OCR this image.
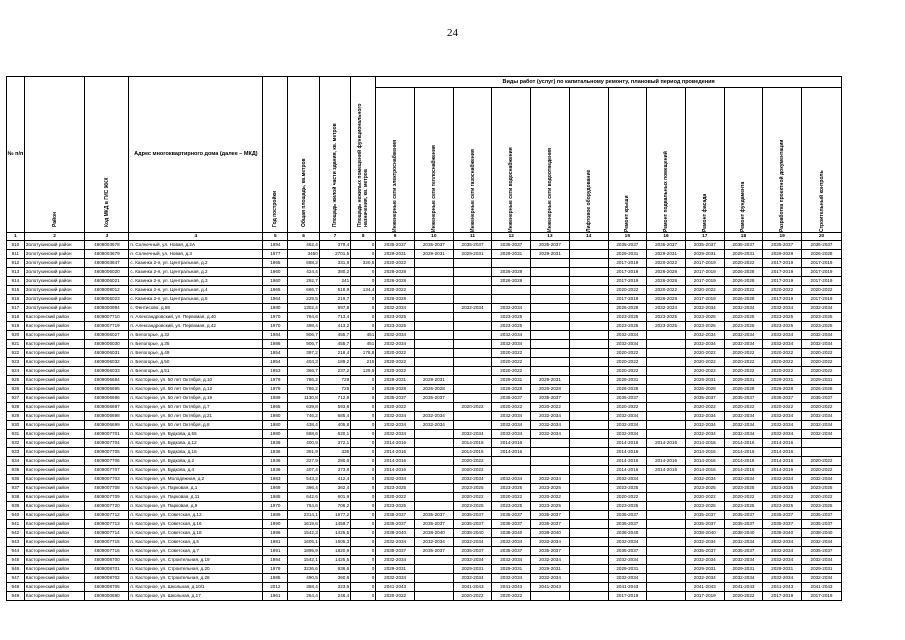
24
№ п/п	Район	Код МКД в ГИС ЖКХ	Адрес многоквартирного дома (далее – МКД)	Год постройки	Общая площадь, кв.метров	Площадь жилой части здания, кв. метров	Площадь нежилых помещений функционального назначения, кв. метров	Виды работ (услуг) по капитальному ремонту, плановый период проведения											

								Инженерные сети электроснабжения	Инженерные сети теплоснабжения	Инженерные сети газоснабжения	Инженерные сети водоснабжения	Инженерные сети водоотведения	Лифтовое оборудование	Ремонт крыши	Ремонт подвальных помещений	Ремонт фасада	Ремонт фундамента	Разработка проектной документации	Строительный контроль

1	2	3	4	5	6	7	8	9	10	11	12	13	14	15	16	17	18	19	20
910	Золотухинский район	4608003678	п. Солнечный, ул. Новая, д.2А	1994	462,4	379,4	0	2035-2037	2035-2037	2035-2037	2035-2037	2035-2037		2035-2037	2035-2037	2035-2037	2035-2037	2035-2037	2035-2037
911	Золотухинский район	4608003679	п. Солнечный, ул. Новая, д.3	1977	3450	2701,5	0	2029-2031	2029-2031	2029-2031	2029-2031	2029-2031		2029-2031	2029-2031	2029-2031	2029-2031	2026-2028	2026-2028
912	Золотухинский район	4608003647	с. Казинка 2-я, ул. Центральная, д.2	1965	688,2	331,9	320,5	2020-2022						2017-2019	2020-2022	2017-2019	2020-2022	2017-2019	2017-2019
913	Золотухинский район	4608006020	с. Казинка 2-я, ул. Центральная, д.2	1960	424,4	380,2	0	2026-2028			2026-2028			2017-2019	2026-2028	2017-2019	2026-2028	2017-2019	2017-2019
914	Золотухинский район	4608006021	с. Казинка 2-я, ул. Центральная, д.3	1960	292,7	241	0	2026-2028			2026-2028			2017-2019	2026-2028	2017-2019	2026-2028	2017-2019	2017-2019
915	Золотухинский район	4608008012	с. Казинка 2-я, ул. Центральная, д.4	1965	666,7	518,9	134,4	2020-2022						2020-2022	2020-2022	2020-2022	2020-2022	2020-2022	2020-2022
916	Золотухинский район	4608006023	с. Казинка 2-я, ул. Центральная, д.5	1964	229,5	219,7	0	2026-2028						2017-2019	2026-2028	2017-2019	2026-2028	2017-2019	2017-2019
917	Золотухинский район	4608000994	с. Фентисово, д.58	1980	1302,4	697,8	0	2032-2034		2032-2034	2032-2034			2026-2028	2032-2034	2032-2034	2032-2034	2032-2034	2032-2034
918	Касторенский район	4609007710	п. Александровский, ул. Первомая, д.40	1970	794,6	713,4	0	2023-2025			2023-2025			2023-2025	2023-2025	2023-2025	2023-2025	2023-2025	2023-2025
919	Касторенский район	4609007719	п. Александровский, ул. Первомая, д.42	1970	498,4	413,2	0	2023-2025			2023-2025			2023-2025	2023-2025	2023-2025	2023-2025	2023-2025	2023-2025
920	Касторенский район	4609006027	п. Белогорье, д.32	1984	906,7	455,7	451	2032-2034			2032-2034			2032-2034		2032-2034	2032-2034	2032-2034	2032-2034
921	Касторенский район	4609006030	п. Белогорье, д.35	1986	906,7	455,7	451	2032-2034			2032-2034			2032-2034		2032-2034	2032-2034	2032-2034	2032-2034
922	Касторенский район	4609006031	п. Белогорье, д.49	1954	397,2	218,4	178,8	2020-2022			2020-2022			2020-2022		2020-2022	2020-2022	2020-2022	2020-2022
923	Касторенский район	4609006032	п. Белогорье, д.50	1954	404,3	189,2	215	2020-2022			2020-2022			2020-2022		2020-2022	2020-2022	2020-2022	2020-2022
924	Касторенский район	4609006033	п. Белогорье, д.51	1953	366,7	237,2	129,5	2020-2022			2020-2022			2020-2022		2020-2022	2020-2022	2020-2022	2020-2022
925	Касторенский район	4609006694	п. Касторное, ул. 50 лет Октября, д.10	1979	786,2	729	0	2029-2031	2029-2031		2029-2031	2029-2031		2029-2031		2029-2031	2029-2031	2029-2031	2029-2031
926	Касторенский район	4609006695	п. Касторное, ул. 50 лет Октября, д.12	1979	786,2	729	0	2026-2028	2026-2028		2026-2028	2026-2028		2026-2028		2026-2028	2026-2028	2026-2028	2026-2028
927	Касторенский район	4609006696	п. Касторное, ул. 50 лет Октября, д.19	1989	1130,8	712,9	0	2035-2037	2035-2037		2035-2037	2035-2037		2035-2037		2035-2037	2035-2037	2035-2037	2035-2037
928	Касторенский район	4609006697	п. Касторное, ул. 50 лет Октября, д.7	1965	639,8	593,8	0	2020-2022		2020-2022	2020-2022	2020-2022		2020-2022		2020-2022	2020-2022	2020-2022	2020-2022
929	Касторенский район	4609006698	п. Касторное, ул. 50 лет Октября, д.21	1980	746,2	685,4	0	2032-2034	2032-2034		2032-2034	2032-2034		2032-2034		2032-2034	2032-2034	2032-2034	2032-2034
930	Касторенский район	4609006699	п. Касторное, ул. 50 лет Октября, д.8	1980	438,4	405,8	0	2032-2034	2032-2034		2032-2034	2032-2034		2032-2034		2032-2034	2032-2034	2032-2034	2032-2034
931	Касторенский район	4609007701	п. Касторное, ул. Будкова, д.55	1980	668,6	620,1	0	2032-2034		2032-2034	2032-2034	2032-2034		2032-2034		2032-2034	2032-2034	2032-2034	2032-2034
932	Касторенский район	4609007704	п. Касторное, ул. Будкова, д.12	1936	400,9	372,1	0	2014-2016		2014-2016	2014-2016			2014-2016	2014-2016	2014-2016	2014-2016	2014-2016	
933	Касторенский район	4609007705	п. Касторное, ул. Будкова, д.16	1936	391,9	336	0	2014-2016		2014-2016	2014-2016			2014-2016		2014-2016	2014-2016	2014-2016	
934	Касторенский район	4609007706	п. Касторное, ул. Будкова, д.2	1936	327,9	280,6	0	2014-2016		2020-2022				2014-2016	2014-2016	2014-2016	2014-2016	2014-2016	2020-2022
935	Касторенский район	4609007707	п. Касторное, ул. Будкова, д.4	1936	407,4	373,8	0	2014-2016		2020-2022				2014-2016	2014-2016	2014-2016	2014-2016	2014-2016	2020-2022
936	Касторенский район	4609007703	п. Касторное, ул. Молодежная, д.2	1983	543,2	412,4	0	2032-2034		2032-2034	2032-2034	2032-2034		2032-2034		2032-2034	2032-2034	2032-2034	2032-2034
937	Касторенский район	4609007708	п. Касторное, ул. Парковая, д.1	1969	396,4	362,4	0	2023-2025		2023-2025	2023-2025	2023-2025		2023-2025		2023-2025	2023-2025	2023-2025	2023-2025
938	Касторенский район	4609007709	п. Касторное, ул. Парковая, д.11	1985	642,6	601,9	0	2020-2022		2020-2022	2020-2022	2020-2022		2020-2022		2020-2022	2020-2022	2020-2022	2020-2022
939	Касторенский район	4609007720	п. Касторное, ул. Парковая, д.9	1970	764,6	706,2	0	2023-2025		2023-2025	2023-2025	2023-2025		2023-2025		2023-2025	2023-2025	2023-2025	2023-2025
940	Касторенский район	4609007712	п. Касторное, ул. Советская, д.12	1989	2314,1	1677,2	0	2035-2037	2035-2037	2035-2037	2035-2037	2035-2037		2035-2037		2035-2037	2035-2037	2035-2037	2035-2037
941	Касторенский район	4609007713	п. Касторное, ул. Советская, д.16	1990	1619,6	1459,7	0	2035-2037	2035-2037	2035-2037	2035-2037	2035-2037		2035-2037		2035-2037	2035-2037	2035-2037	2035-2037
942	Касторенский район	4609007714	п. Касторное, ул. Советская, д.18	1996	1542,3	1425,5	0	2038-2040	2038-2040	2038-2040	2038-2040	2038-2040		2038-2040		2038-2040	2038-2040	2038-2040	2038-2040
943	Касторенский район	4609007715	п. Касторное, ул. Советская, д.5	1981	1605,1	1505,3	0	2032-2034	2032-2034	2032-2034	2032-2034	2032-2034		2032-2034		2032-2034	2032-2034	2032-2034	2032-2034
944	Касторенский район	4609007716	п. Касторное, ул. Советская, д.7	1991	1895,9	1820,9	0	2035-2037	2035-2037	2035-2037	2035-2037	2035-2037		2035-2037		2035-2037	2035-2037	2032-2034	2035-2037
945	Касторенский район	4609008700	п. Касторное, ул. Строительная, д.19	1984	1542,1	1425,5	0	2032-2034		2032-2034	2032-2034	2032-2034		2032-2034		2032-2034	2032-2034	2032-2034	2032-2034
946	Касторенский район	4609008701	п. Касторное, ул. Строительная, д.20	1979	3236,6	936,6	0	2029-2031		2029-2031	2029-2031	2029-2031		2029-2031		2029-2031	2029-2031	2029-2031	2029-2031
947	Касторенский район	4609008702	п. Касторное, ул. Строительная, д.28	1985	490,5	360,8	0	2032-2034		2032-2034	2032-2034	2032-2034		2032-2034		2032-2034	2032-2034	2032-2034	2032-2034
948	Касторенский район	4609008705	п. Касторное, ул. Школьная, д.10/1	2012	358,4	323,6	0	2041-2043		2041-2043	2041-2043	2041-2043		2041-2043		2041-2043	2041-2043	2041-2043	2041-2043
949	Касторенский район	4609000690	п. Касторное, ул. Школьная, д.17	1961	264,4	246,4	0	2020-2022		2020-2022	2020-2022			2017-2019		2017-2019	2020-2022	2017-2019	2017-2019
